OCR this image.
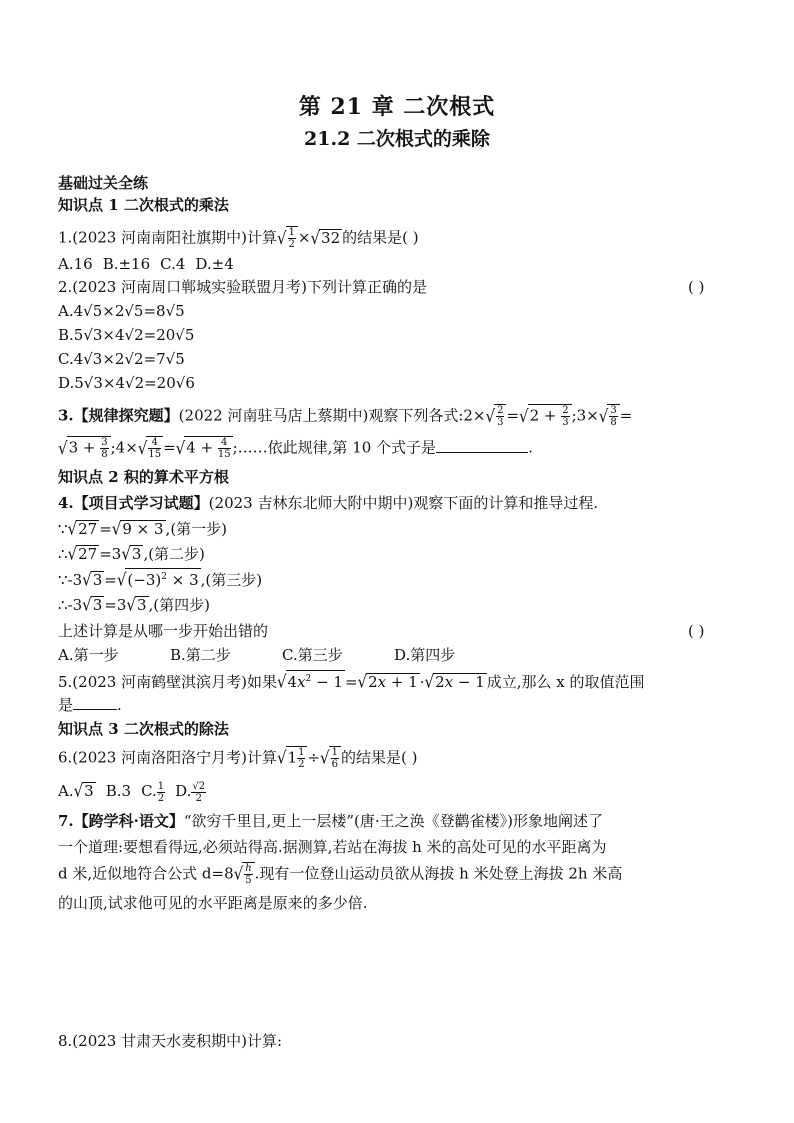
第 21 章 二次根式
21.2 二次根式的乘除
基础过关全练
知识点 1 二次根式的乘法
1.(2023 河南南阳社旗期中)计算√ $\frac{1}{2} \times√32$ 的结果是( )
A.16 B.±16 C.4 D.±4
2.(2023 河南周口郸城实验联盟月考)下列计算正确的是	( )
A.4√5×2√5=8√5
B.5√3×4√2=20√5
C.4√3×2√2=7√5
D.5√3×4√2=20√6
3.【规律探究题】(2022 河南驻马店上蔡期中)观察下列各式:2×√ $\frac{2}{3} =√2 + \frac{2}{3}$ ;3×√ $\frac{3}{8}$ =
$√3 + \frac{3}{8}$ ;4×√ $\frac{4}{15} =√4 + \frac{4}{15}$ ;……依此规律,第 10 个式子是	.
知识点 2 积的算术平方根
4.【项目式学习试题】(2023 吉林东北师大附中期中)观察下面的计算和推导过程.
∵√27 =√9 × 3 ,(第一步)
∴√27 =3√3 ,(第二步)
∵-3√3 $=√(-3)^2 \times 3$ ,(第三步)
∴-3√3 =3√3 ,(第四步)
上述计算是从哪一步开始出错的	( )
A.第一步	B.第二步	C.第三步	D.第四步
5.(2023 河南鹤壁淇滨月考)如果$√4x^2 - 1 =√2x + 1 \cdot√2x - 1$ 成立,那么 x 的取值范围
是	.
知识点 3 二次根式的除法
6.(2023 河南洛阳洛宁月考)计算$√1 \frac{1}{2}$ ÷√ $\frac{1}{6}$ 的结果是( )
A.√3 B.3 C. $\frac{1}{2} D$. $\frac{√2}{2}$
7.【跨学科·语文】“欲穷千里目,更上一层楼”(唐·王之涣《登鹳雀楼》)形象地阐述了
一个道理:要想看得远,必须站得高.据测算,若站在海拔 h 米的高处可见的水平距离为
d 米,近似地符合公式 $d=8√ \frac{h}{5}$ .现有一位登山运动员欲从海拔 h 米处登上海拔 2h 米高
的山顶,试求他可见的水平距离是原来的多少倍.
8.(2023 甘肃天水麦积期中)计算:
